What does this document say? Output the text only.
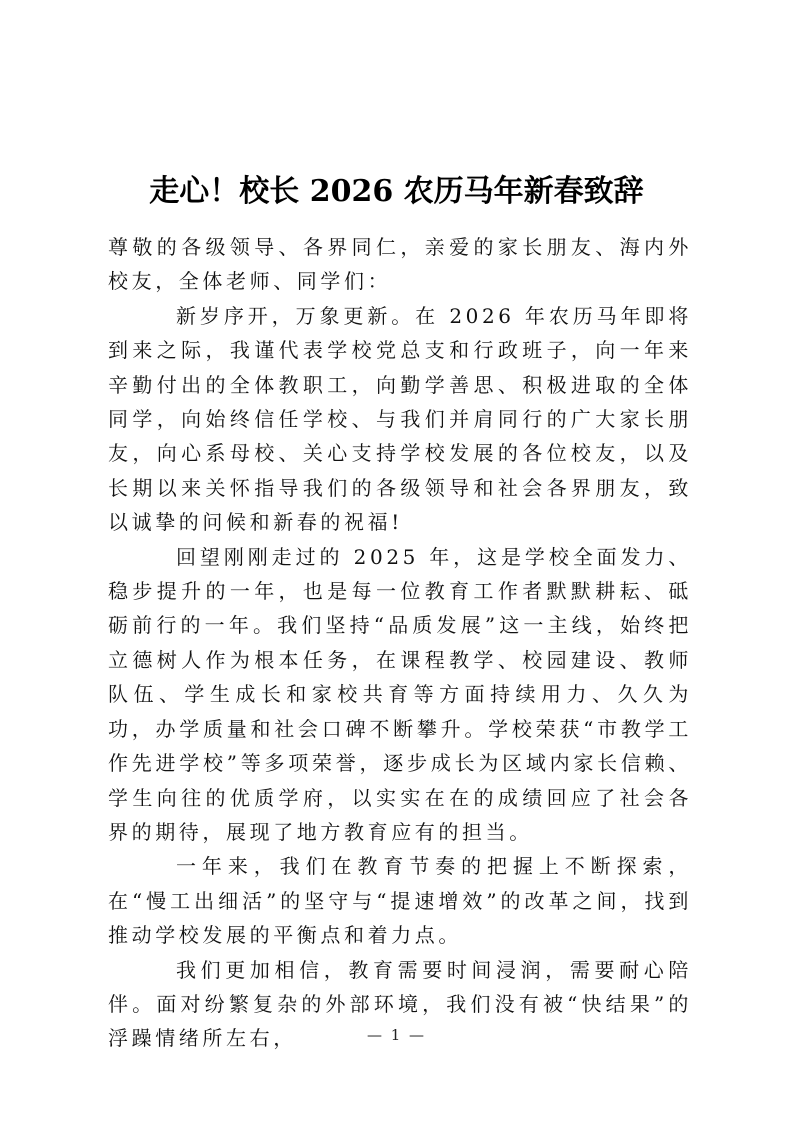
走心！校长 2026 农历马年新春致辞

尊敬的各级领导、各界同仁，亲爱的家长朋友、海内外校友，全体老师、同学们：

新岁序开，万象更新。在 2026 年农历马年即将到来之际，我谨代表学校党总支和行政班子，向一年来辛勤付出的全体教职工，向勤学善思、积极进取的全体同学，向始终信任学校、与我们并肩同行的广大家长朋友，向心系母校、关心支持学校发展的各位校友，以及长期以来关怀指导我们的各级领导和社会各界朋友，致以诚挚的问候和新春的祝福!

回望刚刚走过的 2025 年，这是学校全面发力、稳步提升的一年，也是每一位教育工作者默默耕耘、砥砺前行的一年。我们坚持“品质发展”这一主线，始终把立德树人作为根本任务，在课程教学、校园建设、教师队伍、学生成长和家校共育等方面持续用力、久久为功，办学质量和社会口碑不断攀升。学校荣获“市教学工作先进学校”等多项荣誉，逐步成长为区域内家长信赖、学生向往的优质学府，以实实在在的成绩回应了社会各界的期待，展现了地方教育应有的担当。

一年来，我们在教育节奏的把握上不断探索，在“慢工出细活”的坚守与“提速增效”的改革之间，找到推动学校发展的平衡点和着力点。

我们更加相信，教育需要时间浸润，需要耐心陪伴。面对纷繁复杂的外部环境，我们没有被“快结果”的浮躁情绪所左右，	— 1 —
